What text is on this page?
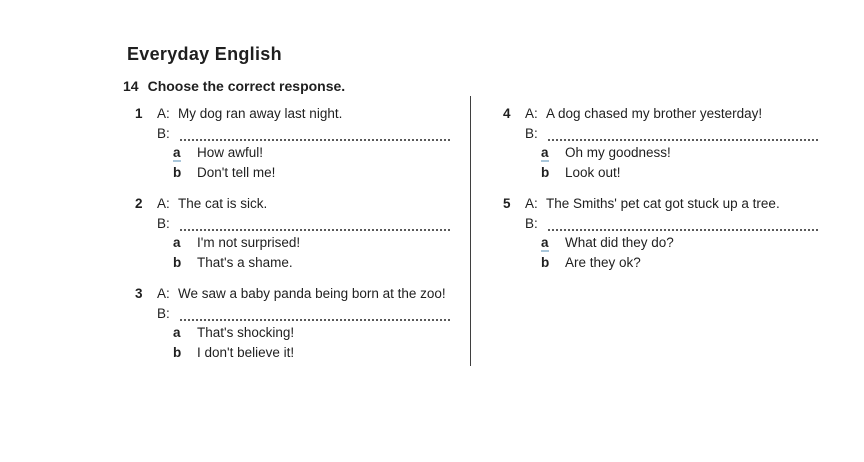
Everyday English
14 Choose the correct response.
1	A: My dog ran away last night.
B:
a	How awful!
b	Don't tell me!
2	A: The cat is sick.
B:
a	I'm not surprised!
b	That's a shame.
3	A: We saw a baby panda being born at the zoo!
B:
a	That's shocking!
b	I don't believe it!
4	A: A dog chased my brother yesterday!
B:
a	Oh my goodness!
b	Look out!
5	A: The Smiths' pet cat got stuck up a tree.
B:
a	What did they do?
b	Are they ok?
